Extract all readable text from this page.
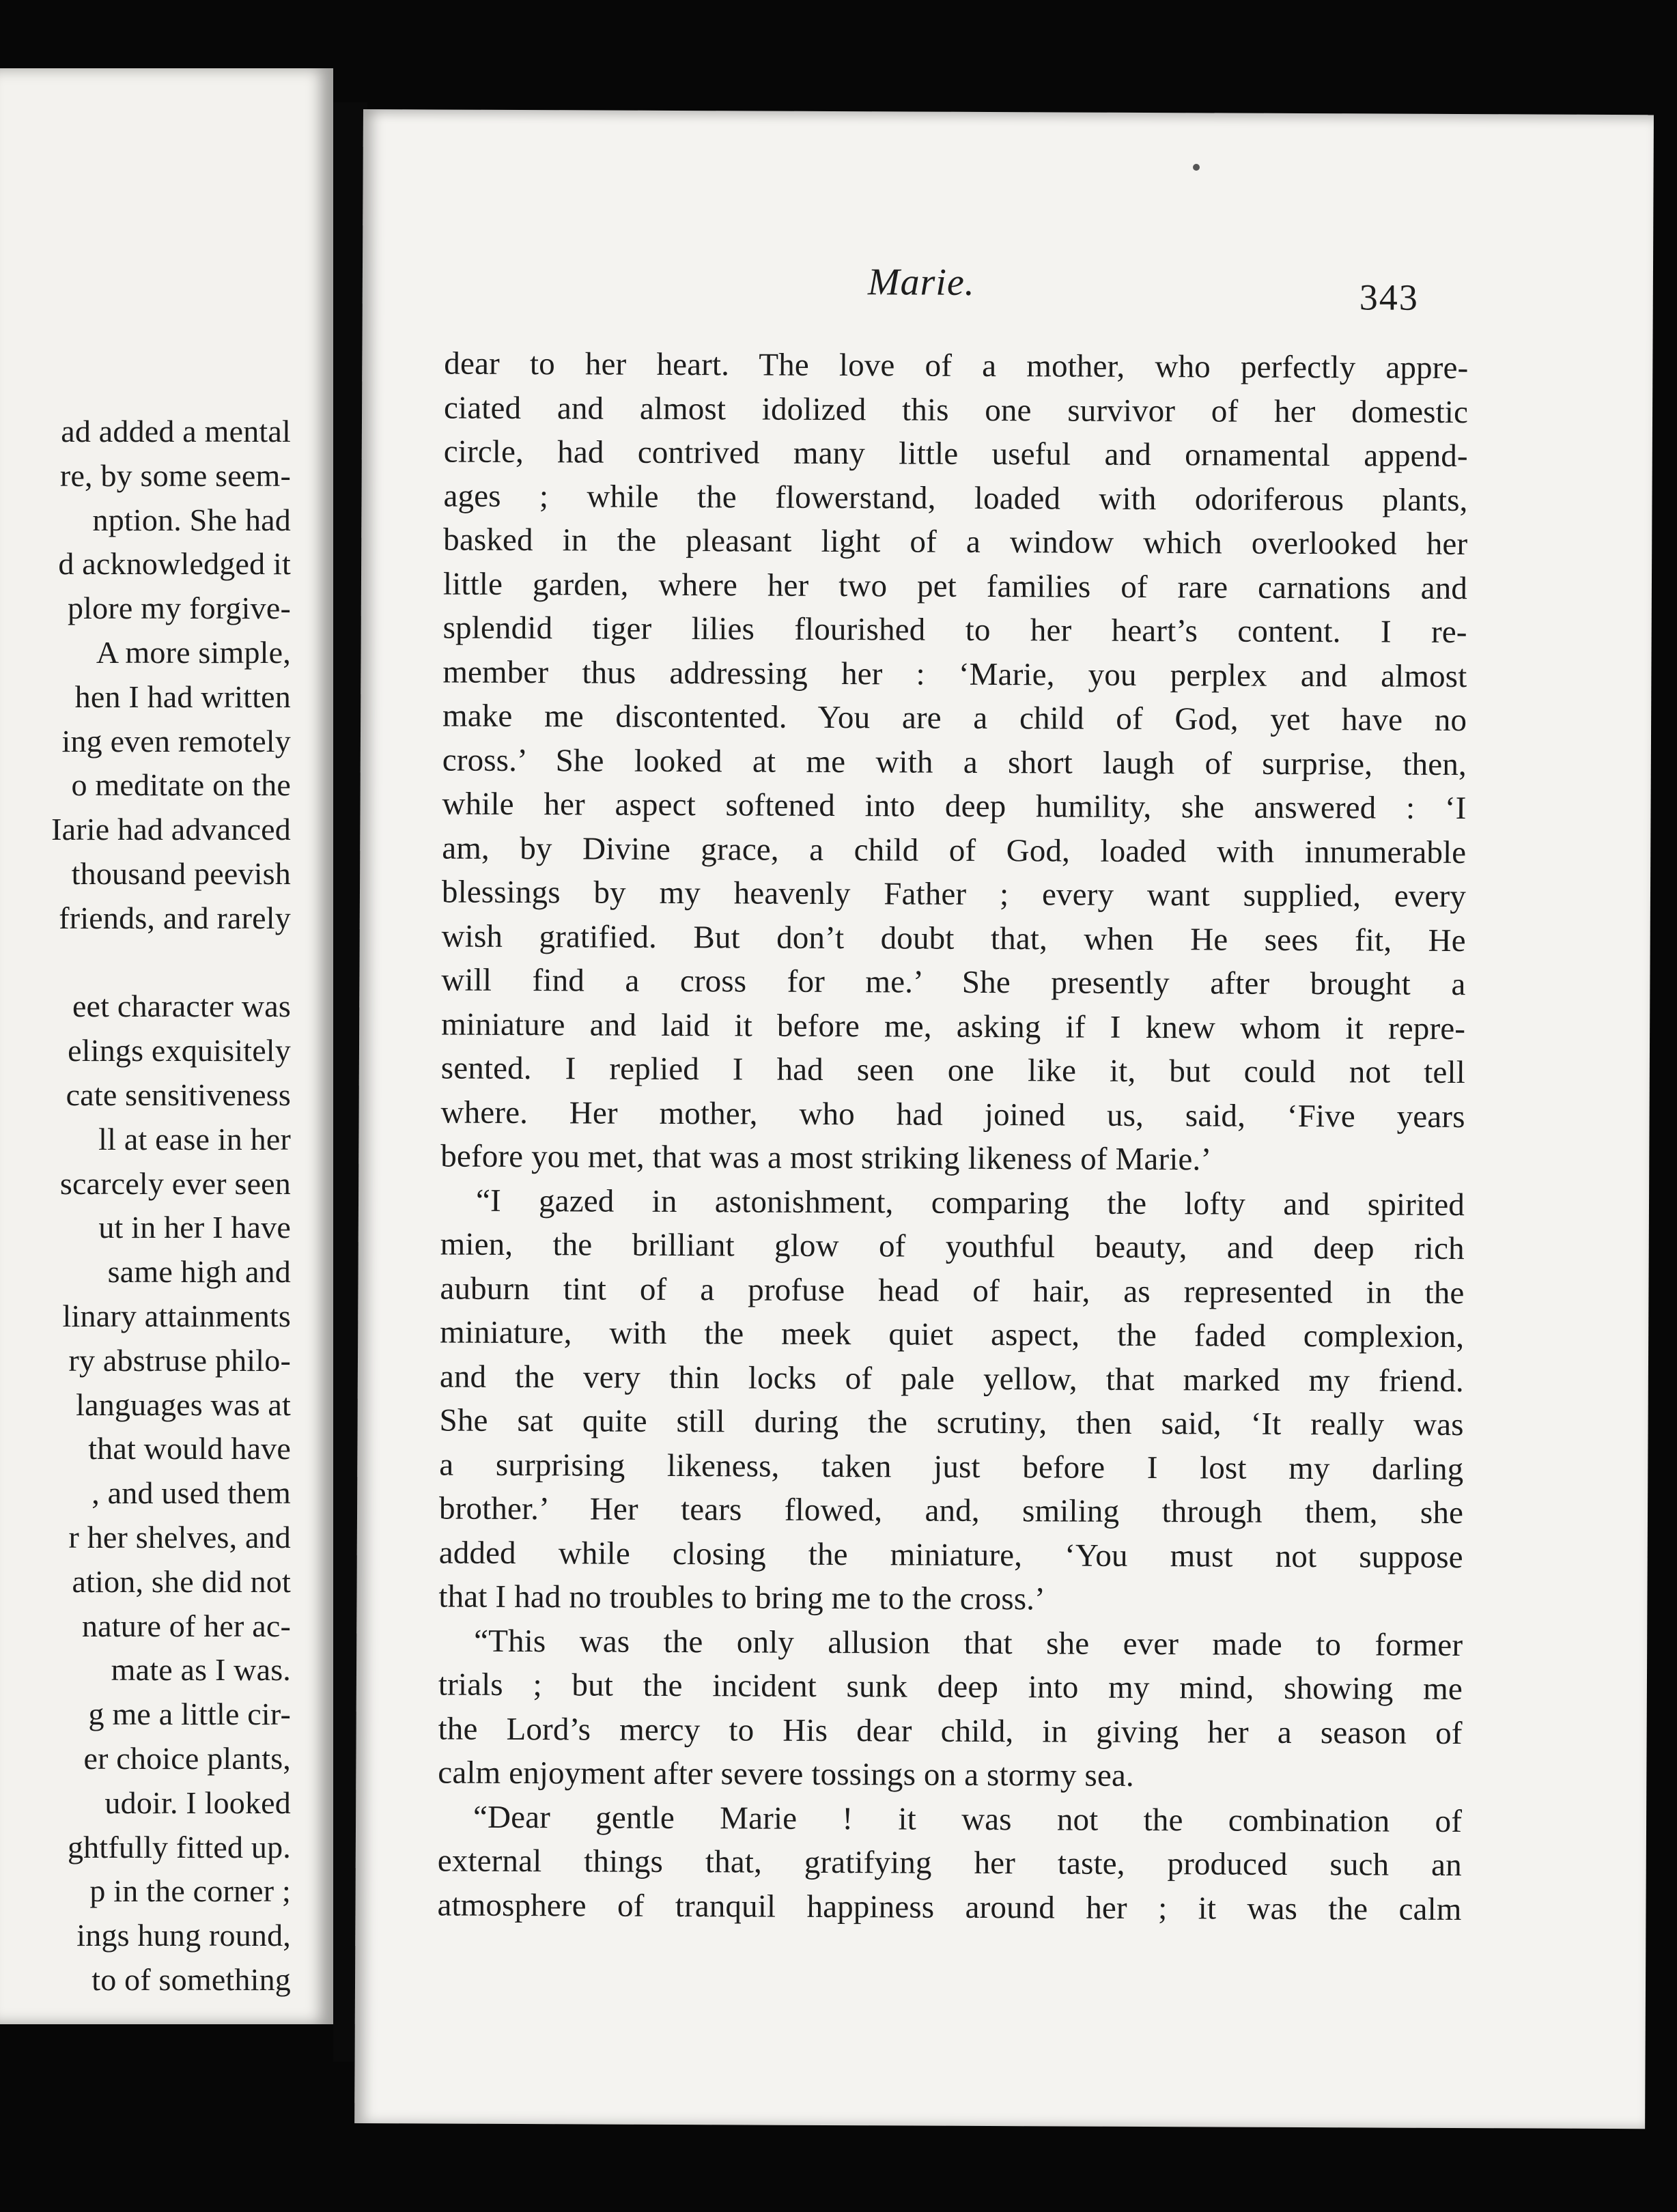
ad added a mental
re, by some seem-
nption. She had
d acknowledged it
plore my forgive-
A more simple,
hen I had written
ing even remotely
o meditate on the
Iarie had advanced
thousand peevish
friends, and rarely
eet character was
elings exquisitely
cate sensitiveness
ll at ease in her
scarcely ever seen
ut in her I have
same high and
linary attainments
ry abstruse philo-
languages was at
that would have
, and used them
r her shelves, and
ation, she did not
nature of her ac-
mate as I was.
g me a little cir-
er choice plants,
udoir. I looked
ghtfully fitted up.
p in the corner ;
ings hung round,
to of something
Marie.	343
dear to her heart. The love of a mother, who perfectly appre-
ciated and almost idolized this one survivor of her domestic
circle, had contrived many little useful and ornamental append-
ages ; while the flowerstand, loaded with odoriferous plants,
basked in the pleasant light of a window which overlooked her
little garden, where her two pet families of rare carnations and
splendid tiger lilies flourished to her heart’s content. I re-
member thus addressing her : ‘Marie, you perplex and almost
make me discontented. You are a child of God, yet have no
cross.’ She looked at me with a short laugh of surprise, then,
while her aspect softened into deep humility, she answered : ‘I
am, by Divine grace, a child of God, loaded with innumerable
blessings by my heavenly Father ; every want supplied, every
wish gratified. But don’t doubt that, when He sees fit, He
will find a cross for me.’ She presently after brought a
miniature and laid it before me, asking if I knew whom it repre-
sented. I replied I had seen one like it, but could not tell
where. Her mother, who had joined us, said, ‘Five years
before you met, that was a most striking likeness of Marie.’
“I gazed in astonishment, comparing the lofty and spirited
mien, the brilliant glow of youthful beauty, and deep rich
auburn tint of a profuse head of hair, as represented in the
miniature, with the meek quiet aspect, the faded complexion,
and the very thin locks of pale yellow, that marked my friend.
She sat quite still during the scrutiny, then said, ‘It really was
a surprising likeness, taken just before I lost my darling
brother.’ Her tears flowed, and, smiling through them, she
added while closing the miniature, ‘You must not suppose
that I had no troubles to bring me to the cross.’
“This was the only allusion that she ever made to former
trials ; but the incident sunk deep into my mind, showing me
the Lord’s mercy to His dear child, in giving her a season of
calm enjoyment after severe tossings on a stormy sea.
“Dear gentle Marie ! it was not the combination of
external things that, gratifying her taste, produced such an
atmosphere of tranquil happiness around her ; it was the calm
